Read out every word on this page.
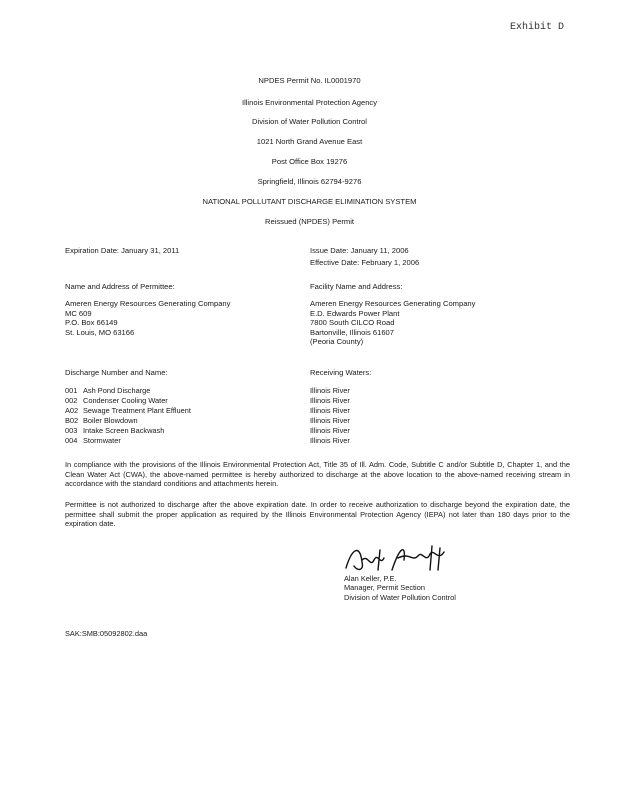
Exhibit D
NPDES Permit No. IL0001970
Illinois Environmental Protection Agency
Division of Water Pollution Control
1021 North Grand Avenue East
Post Office Box 19276
Springfield, Illinois 62794-9276
NATIONAL POLLUTANT DISCHARGE ELIMINATION SYSTEM
Reissued (NPDES) Permit
Expiration Date: January 31, 2011	Issue Date: January 11, 2006
Effective Date: February 1, 2006
Name and Address of Permittee:
Ameren Energy Resources Generating Company
MC 609
P.O. Box 66149
St. Louis, MO 63166
Facility Name and Address:
Ameren Energy Resources Generating Company
E.D. Edwards Power Plant
7800 South CILCO Road
Bartonville, Illinois 61607
(Peoria County)
Discharge Number and Name:	Receiving Waters:
001 Ash Pond Discharge	Illinois River
002 Condenser Cooling Water	Illinois River
A02 Sewage Treatment Plant Effluent	Illinois River
B02 Boiler Blowdown	Illinois River
003 Intake Screen Backwash	Illinois River
004 Stormwater	Illinois River
In compliance with the provisions of the Illinois Environmental Protection Act, Title 35 of Ill. Adm. Code, Subtitle C and/or Subtitle D, Chapter 1, and the Clean Water Act (CWA), the above-named permittee is hereby authorized to discharge at the above location to the above-named receiving stream in accordance with the standard conditions and attachments herein.
Permittee is not authorized to discharge after the above expiration date. In order to receive authorization to discharge beyond the expiration date, the permittee shall submit the proper application as required by the Illinois Environmental Protection Agency (IEPA) not later than 180 days prior to the expiration date.
Alan Keller, P.E.
Manager, Permit Section
Division of Water Pollution Control
SAK:SMB:05092802.daa
